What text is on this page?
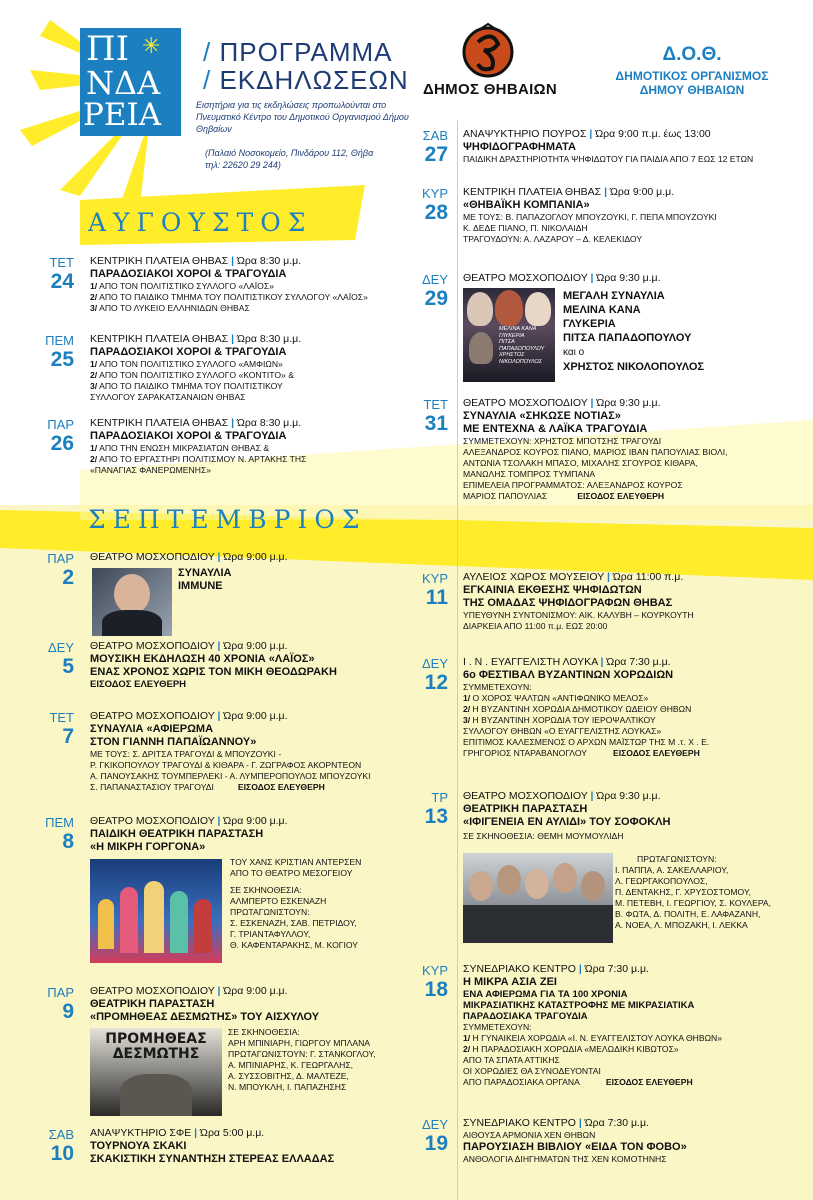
ΠΙ ✳
ΝΔΑ
ΡΕΙΑ
/ ΠΡΟΓΡΑΜΜΑ
/ ΕΚΔΗΛΩΣΕΩΝ
Εισητήρια για τις εκδηλώσεις προπωλούνται στο Πνευματικό Κέντρο του Δημοτικού Οργανισμού Δήμου Θηβαίων
(Παλαιό Νοσοκομείο, Πινδάρου 112, Θήβα
τηλ: 22620 29 244)
ΔΗΜΟΣ ΘΗΒΑΙΩΝ
Δ.Ο.Θ.
ΔΗΜΟΤΙΚΟΣ ΟΡΓΑΝΙΣΜΟΣ
ΔΗΜΟΥ ΘΗΒΑΙΩΝ
ΑΥΓΟΥΣΤΟΣ
ΣΕΠΤΕΜΒΡΙΟΣ
ΤΕΤ
24
ΚΕΝΤΡΙΚΗ ΠΛΑΤΕΙΑ ΘΗΒΑΣ | Ώρα 8:30 μ.μ.
ΠΑΡΑΔΟΣΙΑΚΟΙ ΧΟΡΟΙ & ΤΡΑΓΟΥΔΙΑ
1/ ΑΠΟ ΤΟΝ ΠΟΛΙΤΙΣΤΙΚΟ ΣΥΛΛΟΓΟ «ΛΑΪΟΣ»
2/ ΑΠΟ ΤΟ ΠΑΙΔΙΚΟ ΤΜΗΜΑ ΤΟΥ ΠΟΛΙΤΙΣΤΙΚΟΥ ΣΥΛΛΟΓΟΥ «ΛΑΪΟΣ»
3/ ΑΠΟ ΤΟ ΛΥΚΕΙΟ ΕΛΛΗΝΙΔΩΝ ΘΗΒΑΣ
ΠΕΜ
25
ΚΕΝΤΡΙΚΗ ΠΛΑΤΕΙΑ ΘΗΒΑΣ | Ώρα 8:30 μ.μ.
ΠΑΡΑΔΟΣΙΑΚΟΙ ΧΟΡΟΙ & ΤΡΑΓΟΥΔΙΑ
1/ ΑΠΟ ΤΟΝ ΠΟΛΙΤΙΣΤΙΚΟ ΣΥΛΛΟΓΟ «ΑΜΦΙΩΝ»
2/ ΑΠΟ ΤΟΝ ΠΟΛΙΤΙΣΤΙΚΟ ΣΥΛΛΟΓΟ «ΚΟΝΤΙΤΟ» &
3/ ΑΠΟ ΤΟ ΠΑΙΔΙΚΟ ΤΜΗΜΑ ΤΟΥ ΠΟΛΙΤΙΣΤΙΚΟΥ
ΣΥΛΛΟΓΟΥ ΣΑΡΑΚΑΤΣΑΝΑΙΩΝ ΘΗΒΑΣ
ΠΑΡ
26
ΚΕΝΤΡΙΚΗ ΠΛΑΤΕΙΑ ΘΗΒΑΣ | Ώρα 8:30 μ.μ.
ΠΑΡΑΔΟΣΙΑΚΟΙ ΧΟΡΟΙ & ΤΡΑΓΟΥΔΙΑ
1/ ΑΠΟ ΤΗΝ ΕΝΩΣΗ ΜΙΚΡΑΣΙΑΤΩΝ ΘΗΒΑΣ &
2/ ΑΠΟ ΤΟ ΕΡΓΑΣΤΗΡΙ ΠΟΛΙΤΙΣΜΟΥ Ν. ΑΡΤΑΚΗΣ ΤΗΣ
«ΠΑΝΑΓΙΑΣ ΦΑΝΕΡΩΜΕΝΗΣ»
ΣΑΒ
27
ΑΝΑΨΥΚΤΗΡΙΟ ΠΟΥΡΟΣ | Ώρα 9:00 π.μ. έως 13:00
ΨΗΦΙΔΟΓΡΑΦΗΜΑΤΑ
ΠΑΙΔΙΚΗ ΔΡΑΣΤΗΡΙΟΤΗΤΑ ΨΗΦΙΔΩΤΟΥ ΓΙΑ ΠΑΙΔΙΑ ΑΠΟ 7 ΕΩΣ 12 ΕΤΩΝ
ΚΥΡ
28
ΚΕΝΤΡΙΚΗ ΠΛΑΤΕΙΑ ΘΗΒΑΣ | Ώρα 9:00 μ.μ.
«ΘΗΒΑΪΚΗ ΚΟΜΠΑΝΙΑ»
ΜΕ ΤΟΥΣ: Β. ΠΑΠΑΖΟΓΛΟΥ ΜΠΟΥΖΟΥΚΙ, Γ. ΠΕΠΑ ΜΠΟΥΖΟΥΚΙ
Κ. ΔΕΔΕ ΠΙΑΝΟ, Π. ΝΙΚΟΛΑΙΔΗ
ΤΡΑΓΟΥΔΟΥΝ: Α. ΛΑΖΑΡΟΥ – Δ. ΚΕΛΕΚΙΔΟΥ
ΔΕΥ
29
ΘΕΑΤΡΟ ΜΟΣΧΟΠΟΔΙΟΥ | Ώρα 9:30 μ.μ.
ΜΕΛΙΝΑ ΚΑΝΑ
ΓΛΥΚΕΡΙΑ
ΠΙΤΣΑ
ΠΑΠΑΔΟΠΟΥΛΟΥ
ΧΡΗΣΤΟΣ
ΝΙΚΟΛΟΠΟΥΛΟΣ
ΜΕΓΑΛΗ ΣΥΝΑΥΛΙΑ
ΜΕΛΙΝΑ ΚΑΝΑ
ΓΛΥΚΕΡΙΑ
ΠΙΤΣΑ ΠΑΠΑΔΟΠΟΥΛΟΥ
και ο
ΧΡΗΣΤΟΣ ΝΙΚΟΛΟΠΟΥΛΟΣ
ΤΕΤ
31
ΘΕΑΤΡΟ ΜΟΣΧΟΠΟΔΙΟΥ | Ώρα 9:30 μ.μ.
ΣΥΝΑΥΛΙΑ «ΣΗΚΩΣΕ ΝΟΤΙΑΣ»
ΜΕ ΕΝΤΕΧΝΑ & ΛΑΪΚΑ ΤΡΑΓΟΥΔΙΑ
ΣΥΜΜΕΤΕΧΟΥΝ: ΧΡΗΣΤΟΣ ΜΠΟΤΣΗΣ ΤΡΑΓΟΥΔΙ
ΑΛΕΞΑΝΔΡΟΣ ΚΟΥΡΟΣ ΠΙΑΝΟ, ΜΑΡΙΟΣ ΙΒΑΝ ΠΑΠΟΥΛΙΑΣ ΒΙΟΛΙ,
ΑΝΤΩΝΙΑ ΤΣΟΛΑΚΗ ΜΠΑΣΟ, ΜΙΧΑΛΗΣ ΣΓΟΥΡΟΣ ΚΙΘΑΡΑ,
ΜΑΝΩΛΗΣ ΤΟΜΠΡΟΣ ΤΥΜΠΑΝΑ
ΕΠΙΜΕΛΕΙΑ ΠΡΟΓΡΑΜΜΑΤΟΣ: ΑΛΕΞΑΝΔΡΟΣ ΚΟΥΡΟΣ
ΜΑΡΙΟΣ ΠΑΠΟΥΛΙΑΣ	ΕΙΣΟΔΟΣ ΕΛΕΥΘΕΡΗ
ΠΑΡ
2
ΘΕΑΤΡΟ ΜΟΣΧΟΠΟΔΙΟΥ | Ώρα 9:00 μ.μ.
ΣΥΝΑΥΛΙΑ
IMMUNE
ΔΕΥ
5
ΘΕΑΤΡΟ ΜΟΣΧΟΠΟΔΙΟΥ | Ώρα 9:00 μ.μ.
ΜΟΥΣΙΚΗ ΕΚΔΗΛΩΣΗ 40 ΧΡΟΝΙΑ «ΛΑΪΟΣ»
ΕΝΑΣ ΧΡΟΝΟΣ ΧΩΡΙΣ ΤΟΝ ΜΙΚΗ ΘΕΟΔΩΡΑΚΗ
ΕΙΣΟΔΟΣ ΕΛΕΥΘΕΡΗ
ΤΕΤ
7
ΘΕΑΤΡΟ ΜΟΣΧΟΠΟΔΙΟΥ | Ώρα 9:00 μ.μ.
ΣΥΝΑΥΛΙΑ «ΑΦΙΕΡΩΜΑ
ΣΤΟΝ ΓΙΑΝΝΗ ΠΑΠΑΪΩΑΝΝΟΥ»
ΜΕ ΤΟΥΣ: Σ. ΔΡΙΤΣΑ ΤΡΑΓΟΥΔΙ & ΜΠΟΥΖΟΥΚΙ -
Ρ. ΓΚΙΚΟΠΟΥΛΟΥ ΤΡΑΓΟΥΔΙ & ΚΙΘΑΡΑ - Γ. ΖΩΓΡΑΦΟΣ ΑΚΟΡΝΤΕΟΝ
Α. ΠΑΝΟΥΣΑΚΗΣ ΤΟΥΜΠΕΡΛΕΚΙ - Α. ΛΥΜΠΕΡΟΠΟΥΛΟΣ ΜΠΟΥΖΟΥΚΙ
Σ. ΠΑΠΑΝΑΣΤΑΣΙΟΥ ΤΡΑΓΟΥΔΙ	ΕΙΣΟΔΟΣ ΕΛΕΥΘΕΡΗ
ΠΕΜ
8
ΘΕΑΤΡΟ ΜΟΣΧΟΠΟΔΙΟΥ | Ώρα 9:00 μ.μ.
ΠΑΙΔΙΚΗ ΘΕΑΤΡΙΚΗ ΠΑΡΑΣΤΑΣΗ
«Η ΜΙΚΡΗ ΓΟΡΓΟΝΑ»
ΤΟΥ ΧΑΝΣ ΚΡΙΣΤΙΑΝ ΑΝΤΕΡΣΕΝ
ΑΠΟ ΤΟ ΘΕΑΤΡΟ ΜΕΣΟΓΕΙΟΥ
ΣΕ ΣΚΗΝΟΘΕΣΙΑ:
ΑΛΜΠΕΡΤΟ ΕΣΚΕΝΑΖΗ
ΠΡΩΤΑΓΩΝΙΣΤΟΥΝ:
Σ. ΕΣΚΕΝΑΖΗ, ΣΑΒ. ΠΕΤΡΙΔΟΥ,
Γ. ΤΡΙΑΝΤΑΦΥΛΛΟΥ,
Θ. ΚΑΦΕΝΤΑΡΑΚΗΣ, Μ. ΚΟΓΙΟΥ
ΠΑΡ
9
ΘΕΑΤΡΟ ΜΟΣΧΟΠΟΔΙΟΥ | Ώρα 9:00 μ.μ.
ΘΕΑΤΡΙΚΗ ΠΑΡΑΣΤΑΣΗ
«ΠΡΟΜΗΘΕΑΣ ΔΕΣΜΩΤΗΣ» ΤΟΥ ΑΙΣΧΥΛΟΥ
ΠΡΟΜΗΘΕΑΣ
ΔΕΣΜΩΤΗΣ
ΣΕ ΣΚΗΝΟΘΕΣΙΑ:
ΑΡΗ ΜΠΙΝΙΑΡΗ, ΓΙΩΡΓΟΥ ΜΠΛΑΝΑ
ΠΡΩΤΑΓΩΝΙΣΤΟΥΝ: Γ. ΣΤΑΝΚΟΓΛΟΥ,
Α. ΜΠΙΝΙΑΡΗΣ, Κ. ΓΕΩΡΓΑΛΗΣ,
Α. ΣΥΣΣΟΒΙΤΗΣ, Δ. ΜΑΛΤΕΖΕ,
Ν. ΜΠΟΥΚΛΗ, Ι. ΠΑΠΑΖΗΣΗΣ
ΣΑΒ
10
ΑΝΑΨΥΚΤΗΡΙΟ ΣΦΕ | Ώρα 5:00 μ.μ.
ΤΟΥΡΝΟΥΑ ΣΚΑΚΙ
ΣΚΑΚΙΣΤΙΚΗ ΣΥΝΑΝΤΗΣΗ ΣΤΕΡΕΑΣ ΕΛΛΑΔΑΣ
ΚΥΡ
11
ΑΥΛΕΙΟΣ ΧΩΡΟΣ ΜΟΥΣΕΙΟΥ | Ώρα 11:00 π.μ.
ΕΓΚΑΙΝΙΑ ΕΚΘΕΣΗΣ ΨΗΦΙΔΩΤΩΝ
ΤΗΣ ΟΜΑΔΑΣ ΨΗΦΙΔΟΓΡΑΦΩΝ ΘΗΒΑΣ
ΥΠΕΥΘΥΝΗ ΣΥΝΤΟΝΙΣΜΟΥ: ΑΙΚ. ΚΑΛΥΒΗ – ΚΟΥΡΚΟΥΤΗ
ΔΙΑΡΚΕΙΑ ΑΠΟ 11:00 π.μ. ΕΩΣ 20:00
ΔΕΥ
12
Ι . Ν . ΕΥΑΓΓΕΛΙΣΤΗ ΛΟΥΚΑ | Ώρα 7:30 μ.μ.
6ο ΦΕΣΤΙΒΑΛ ΒΥΖΑΝΤΙΝΩΝ ΧΟΡΩΔΙΩΝ
ΣΥΜΜΕΤΕΧΟΥΝ:
1/ Ο ΧΟΡΟΣ ΨΑΛΤΩΝ «ΑΝΤΙΦΩΝΙΚΟ ΜΕΛΟΣ»
2/ Η ΒΥΖΑΝΤΙΝΗ ΧΟΡΩΔΙΑ ΔΗΜΟΤΙΚΟΥ ΩΔΕΙΟΥ ΘΗΒΩΝ
3/ Η ΒΥΖΑΝΤΙΝΗ ΧΟΡΩΔΙΑ ΤΟΥ ΙΕΡΟΨΑΛΤΙΚΟΥ
ΣΥΛΛΟΓΟΥ ΘΗΒΩΝ «Ο ΕΥΑΓΓΕΛΙΣΤΗΣ ΛΟΥΚΑΣ»
ΕΠΙΤΙΜΟΣ ΚΑΛΕΣΜΕΝΟΣ Ο ΑΡΧΩΝ ΜΑΪΣΤΩΡ ΤΗΣ Μ .τ. Χ . Ε.
ΓΡΗΓΟΡΙΟΣ ΝΤΑΡΑΒΑΝΟΓΛΟΥ	ΕΙΣΟΔΟΣ ΕΛΕΥΘΕΡΗ
ΤΡ
13
ΘΕΑΤΡΟ ΜΟΣΧΟΠΟΔΙΟΥ | Ώρα 9:30 μ.μ.
ΘΕΑΤΡΙΚΗ ΠΑΡΑΣΤΑΣΗ
«ΙΦΙΓΕΝΕΙΑ ΕΝ ΑΥΛΙΔΙ» ΤΟΥ ΣΟΦΟΚΛΗ
ΣΕ ΣΚΗΝΟΘΕΣΙΑ: ΘΕΜΗ ΜΟΥΜΟΥΛΙΔΗ
ΠΡΩΤΑΓΩΝΙΣΤΟΥΝ:
Ι. ΠΑΠΠΑ, Α. ΣΑΚΕΛΛΑΡΙΟΥ,
Λ. ΓΕΩΡΓΑΚΟΠΟΥΛΟΣ,
Π. ΔΕΝΤΑΚΗΣ, Γ. ΧΡΥΣΟΣΤΟΜΟΥ,
Μ. ΠΕΤΕΒΗ, Ι. ΓΕΩΡΓΙΟΥ, Σ. ΚΟΥΛΕΡΑ,
Β. ΦΩΤΑ, Δ. ΠΟΛΙΤΗ, Ε. ΛΑΦΑΖΑΝΗ,
Α. ΝΟΕΑ, Λ. ΜΠΟΖΑΚΗ, Ι. ΛΕΚΚΑ
ΚΥΡ
18
ΣΥΝΕΔΡΙΑΚΟ ΚΕΝΤΡΟ | Ώρα 7:30 μ.μ.
Η ΜΙΚΡΑ ΑΣΙΑ ΖΕΙ
ΕΝΑ ΑΦΙΕΡΩΜΑ ΓΙΑ ΤΑ 100 ΧΡΟΝΙΑ
ΜΙΚΡΑΣΙΑΤΙΚΗΣ ΚΑΤΑΣΤΡΟΦΗΣ ΜΕ ΜΙΚΡΑΣΙΑΤΙΚΑ
ΠΑΡΑΔΟΣΙΑΚΑ ΤΡΑΓΟΥΔΙΑ
ΣΥΜΜΕΤΕΧΟΥΝ:
1/ Η ΓΥΝΑΙΚΕΙΑ ΧΟΡΩΔΙΑ «Ι. Ν. ΕΥΑΓΓΕΛΙΣΤΟΥ ΛΟΥΚΑ ΘΗΒΩΝ»
2/ Η ΠΑΡΑΔΟΣΙΑΚΗ ΧΟΡΩΔΙΑ «ΜΕΛΩΔΙΚΗ ΚΙΒΩΤΟΣ»
ΑΠΟ ΤΑ ΣΠΑΤΑ ΑΤΤΙΚΗΣ
ΟΙ ΧΟΡΩΔΙΕΣ ΘΑ ΣΥΝΟΔΕΥΟΝΤΑΙ
ΑΠΟ ΠΑΡΑΔΟΣΙΑΚΑ ΟΡΓΑΝΑ	ΕΙΣΟΔΟΣ ΕΛΕΥΘΕΡΗ
ΔΕΥ
19
ΣΥΝΕΔΡΙΑΚΟ ΚΕΝΤΡΟ | Ώρα 7:30 μ.μ.
ΑΙΘΟΥΣΑ ΑΡΜΟΝΙΑ ΧΕΝ ΘΗΒΩΝ
ΠΑΡΟΥΣΙΑΣΗ ΒΙΒΛΙΟΥ «ΕΙΔΑ ΤΟΝ ΦΟΒΟ»
ΑΝΘΟΛΟΓΙΑ ΔΙΗΓΗΜΑΤΩΝ ΤΗΣ ΧΕΝ ΚΟΜΟΤΗΝΗΣ
